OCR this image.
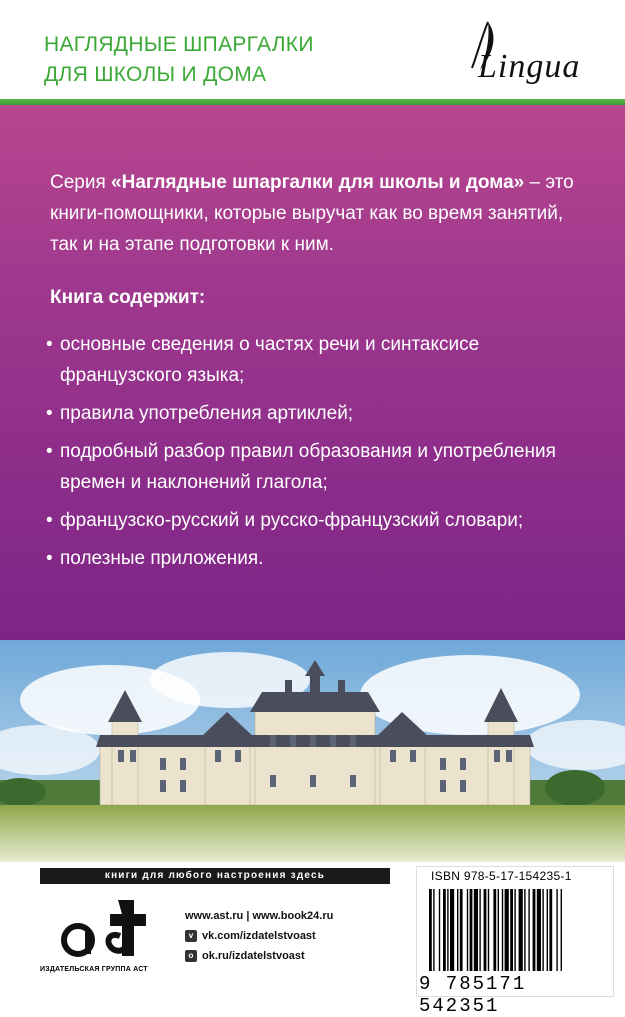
НАГЛЯДНЫЕ ШПАРГАЛКИ
ДЛЯ ШКОЛЫ И ДОМА	Lingua

Серия «Наглядные шпаргалки для школы и дома» – это книги-помощники, которые выручат как во время занятий, так и на этапе подготовки к ним.

Книга содержит:
• основные сведения о частях речи и синтаксисе французского языка;
• правила употребления артиклей;
• подробный разбор правил образования и употребления времен и наклонений глагола;
• французско-русский и русско-французский словари;
• полезные приложения.
книги для любого настроения здесь
ИЗДАТЕЛЬСКАЯ ГРУППА АСТ
www.ast.ru | www.book24.ru
v vk.com/izdatelstvoast
o ok.ru/izdatelstvoast
ISBN 978-5-17-154235-1
9 785171 542351
